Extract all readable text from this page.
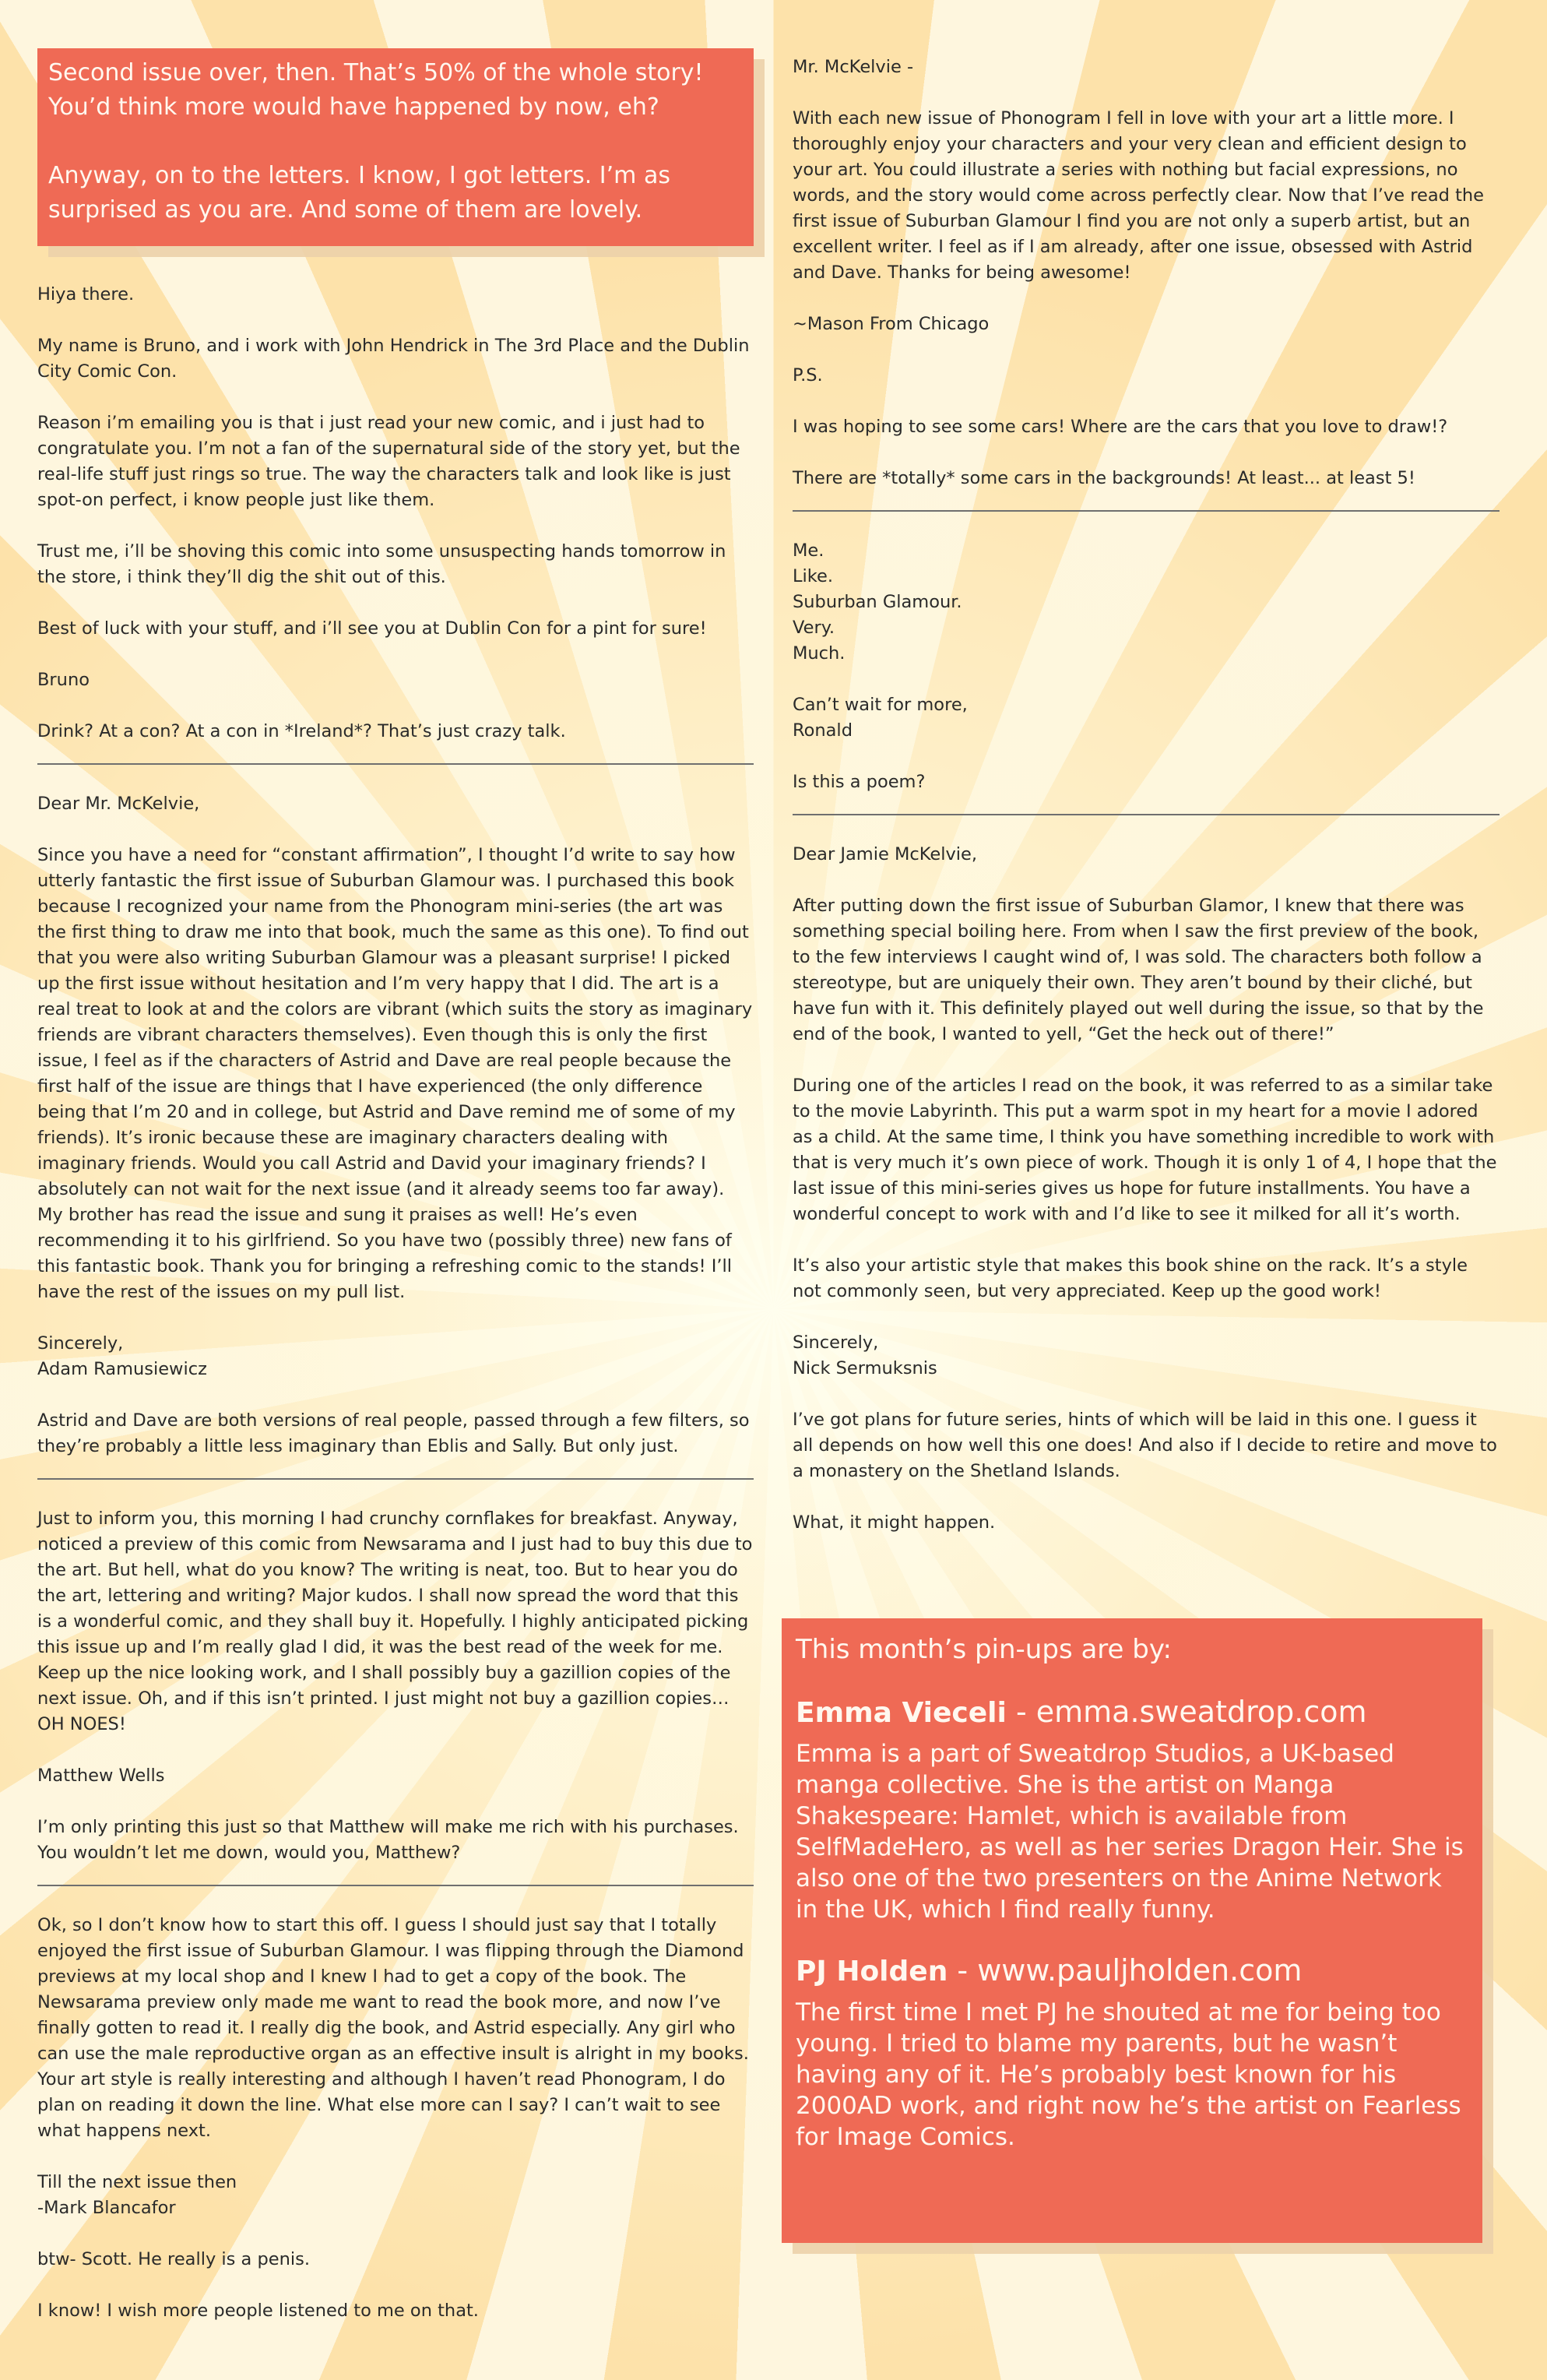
Second issue over, then. That’s 50% of the whole story! You’d think more would have happened by now, eh?

Anyway, on to the letters. I know, I got letters. I’m as surprised as you are. And some of them are lovely.

Hiya there.

My name is Bruno, and i work with John Hendrick in The 3rd Place and the Dublin City Comic Con.

Reason i’m emailing you is that i just read your new comic, and i just had to congratulate you. I’m not a fan of the supernatural side of the story yet, but the real-life stuff just rings so true. The way the characters talk and look like is just spot-on perfect, i know people just like them.

Trust me, i’ll be shoving this comic into some unsuspecting hands tomorrow in the store, i think they’ll dig the shit out of this.

Best of luck with your stuff, and i’ll see you at Dublin Con for a pint for sure!

Bruno

Drink? At a con? At a con in *Ireland*? That’s just crazy talk.

Dear Mr. McKelvie,

Since you have a need for “constant affirmation”, I thought I’d write to say how utterly fantastic the first issue of Suburban Glamour was. I purchased this book because I recognized your name from the Phonogram mini-series (the art was the first thing to draw me into that book, much the same as this one). To find out that you were also writing Suburban Glamour was a pleasant surprise! I picked up the first issue without hesitation and I’m very happy that I did. The art is a real treat to look at and the colors are vibrant (which suits the story as imaginary friends are vibrant characters themselves). Even though this is only the first issue, I feel as if the characters of Astrid and Dave are real people because the first half of the issue are things that I have experienced (the only difference being that I’m 20 and in college, but Astrid and Dave remind me of some of my friends). It’s ironic because these are imaginary characters dealing with imaginary friends. Would you call Astrid and David your imaginary friends? I absolutely can not wait for the next issue (and it already seems too far away). My brother has read the issue and sung it praises as well! He’s even recommending it to his girlfriend. So you have two (possibly three) new fans of this fantastic book. Thank you for bringing a refreshing comic to the stands! I’ll have the rest of the issues on my pull list.

Sincerely,
Adam Ramusiewicz

Astrid and Dave are both versions of real people, passed through a few filters, so they’re probably a little less imaginary than Eblis and Sally. But only just.

Just to inform you, this morning I had crunchy cornflakes for breakfast. Anyway, noticed a preview of this comic from Newsarama and I just had to buy this due to the art. But hell, what do you know? The writing is neat, too. But to hear you do the art, lettering and writing? Major kudos. I shall now spread the word that this is a wonderful comic, and they shall buy it. Hopefully. I highly anticipated picking this issue up and I’m really glad I did, it was the best read of the week for me. Keep up the nice looking work, and I shall possibly buy a gazillion copies of the next issue. Oh, and if this isn’t printed. I just might not buy a gazillion copies…OH NOES!

Matthew Wells

I’m only printing this just so that Matthew will make me rich with his purchases. You wouldn’t let me down, would you, Matthew?

Ok, so I don’t know how to start this off. I guess I should just say that I totally enjoyed the first issue of Suburban Glamour. I was flipping through the Diamond previews at my local shop and I knew I had to get a copy of the book. The Newsarama preview only made me want to read the book more, and now I’ve finally gotten to read it. I really dig the book, and Astrid especially. Any girl who can use the male reproductive organ as an effective insult is alright in my books. Your art style is really interesting and although I haven’t read Phonogram, I do plan on reading it down the line. What else more can I say? I can’t wait to see what happens next.

Till the next issue then
-Mark Blancafor

btw- Scott. He really is a penis.

I know! I wish more people listened to me on that.

Mr. McKelvie -

With each new issue of Phonogram I fell in love with your art a little more. I thoroughly enjoy your characters and your very clean and efficient design to your art. You could illustrate a series with nothing but facial expressions, no words, and the story would come across perfectly clear. Now that I’ve read the first issue of Suburban Glamour I find you are not only a superb artist, but an excellent writer. I feel as if I am already, after one issue, obsessed with Astrid and Dave. Thanks for being awesome!

~Mason From Chicago

P.S.

I was hoping to see some cars! Where are the cars that you love to draw!?

There are *totally* some cars in the backgrounds! At least... at least 5!

Me.
Like.
Suburban Glamour.
Very.
Much.

Can’t wait for more,
Ronald

Is this a poem?

Dear Jamie McKelvie,

After putting down the first issue of Suburban Glamor, I knew that there was something special boiling here. From when I saw the first preview of the book, to the few interviews I caught wind of, I was sold. The characters both follow a stereotype, but are uniquely their own. They aren’t bound by their cliché, but have fun with it. This definitely played out well during the issue, so that by the end of the book, I wanted to yell, “Get the heck out of there!”

During one of the articles I read on the book, it was referred to as a similar take to the movie Labyrinth. This put a warm spot in my heart for a movie I adored as a child. At the same time, I think you have something incredible to work with that is very much it’s own piece of work. Though it is only 1 of 4, I hope that the last issue of this mini-series gives us hope for future installments. You have a wonderful concept to work with and I’d like to see it milked for all it’s worth.

It’s also your artistic style that makes this book shine on the rack. It’s a style not commonly seen, but very appreciated. Keep up the good work!

Sincerely,
Nick Sermuksnis

I’ve got plans for future series, hints of which will be laid in this one. I guess it all depends on how well this one does! And also if I decide to retire and move to a monastery on the Shetland Islands.

What, it might happen.

This month’s pin-ups are by:
Emma Vieceli - emma.sweatdrop.com

Emma is a part of Sweatdrop Studios, a UK-based manga collective. She is the artist on Manga Shakespeare: Hamlet, which is available from SelfMadeHero, as well as her series Dragon Heir. She is also one of the two presenters on the Anime Network in the UK, which I find really funny.

PJ Holden - www.pauljholden.com

The first time I met PJ he shouted at me for being too young. I tried to blame my parents, but he wasn’t having any of it. He’s probably best known for his 2000AD work, and right now he’s the artist on Fearless for Image Comics.
